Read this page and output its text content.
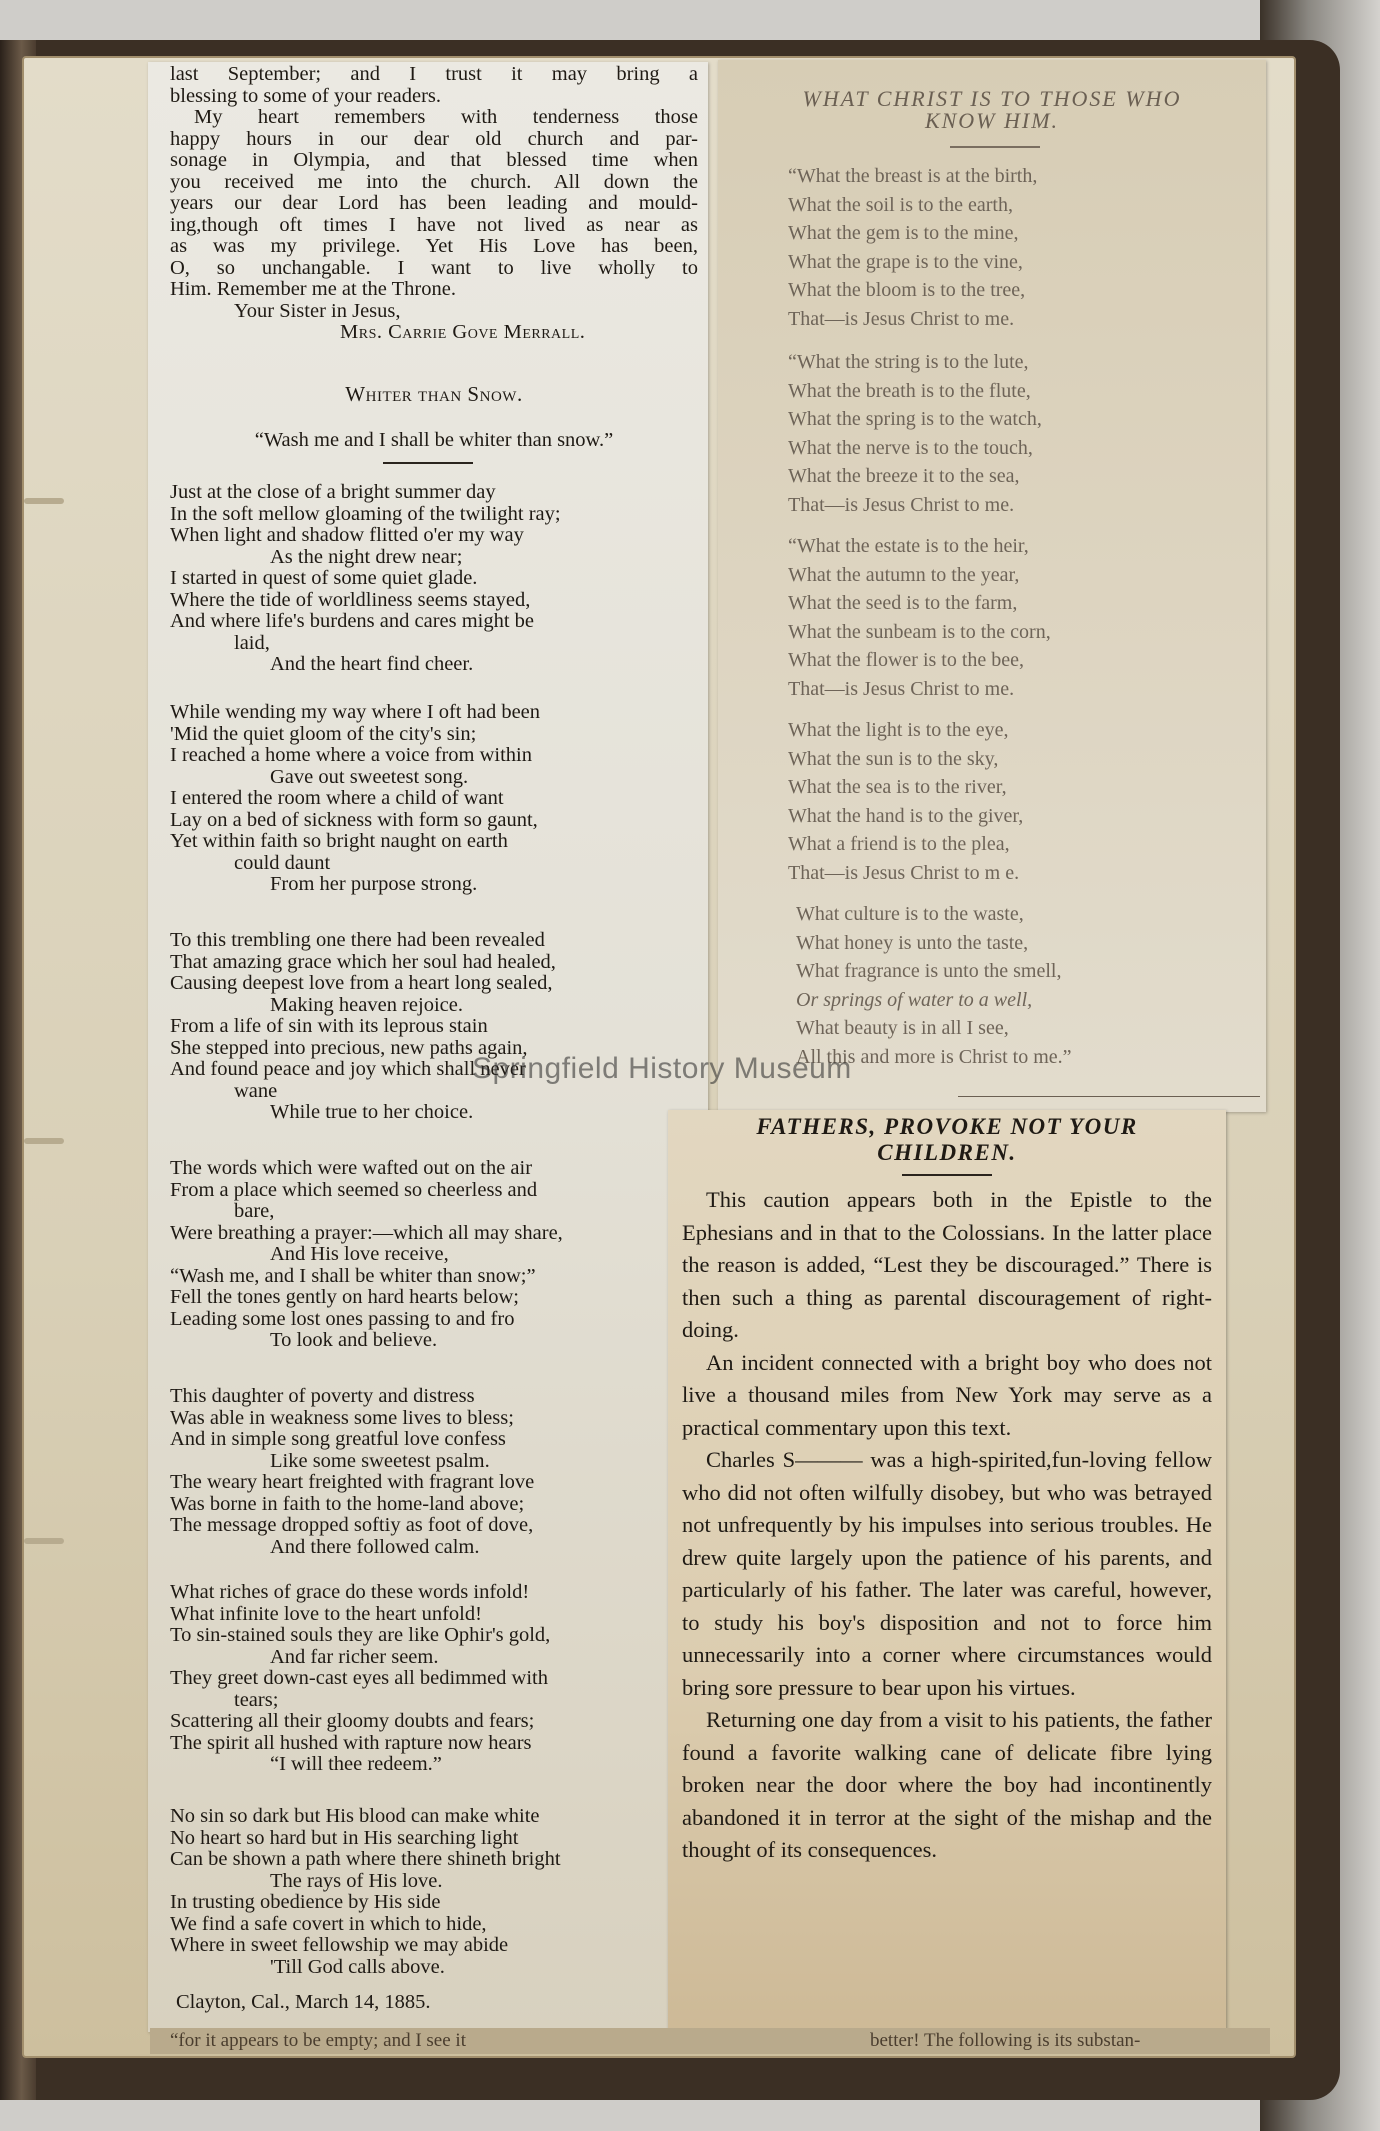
last September; and I trust it may bring a

blessing to some of your readers.

My heart remembers with tenderness those

happy hours in our dear old church and par-

sonage in Olympia, and that blessed time when

you received me into the church. All down the

years our dear Lord has been leading and mould-

ing,though oft times I have not lived as near as

as was my privilege. Yet His Love has been,

O, so unchangable. I want to live wholly to

Him. Remember me at the Throne.

Your Sister in Jesus,

Mrs. Carrie Gove Merrall.

Whiter than Snow.
“Wash me and I shall be whiter than snow.”

Just at the close of a bright summer day

In the soft mellow gloaming of the twilight ray;

When light and shadow flitted o'er my way

As the night drew near;

I started in quest of some quiet glade.

Where the tide of worldliness seems stayed,

And where life's burdens and cares might be

laid,

And the heart find cheer.

While wending my way where I oft had been

'Mid the quiet gloom of the city's sin;

I reached a home where a voice from within

Gave out sweetest song.

I entered the room where a child of want

Lay on a bed of sickness with form so gaunt,

Yet within faith so bright naught on earth

could daunt

From her purpose strong.

To this trembling one there had been revealed

That amazing grace which her soul had healed,

Causing deepest love from a heart long sealed,

Making heaven rejoice.

From a life of sin with its leprous stain

She stepped into precious, new paths again,

And found peace and joy which shall never

wane

While true to her choice.

The words which were wafted out on the air

From a place which seemed so cheerless and

bare,

Were breathing a prayer:—which all may share,

And His love receive,

“Wash me, and I shall be whiter than snow;”

Fell the tones gently on hard hearts below;

Leading some lost ones passing to and fro

To look and believe.

This daughter of poverty and distress

Was able in weakness some lives to bless;

And in simple song greatful love confess

Like some sweetest psalm.

The weary heart freighted with fragrant love

Was borne in faith to the home-land above;

The message dropped softiy as foot of dove,

And there followed calm.

What riches of grace do these words infold!

What infinite love to the heart unfold!

To sin-stained souls they are like Ophir's gold,

And far richer seem.

They greet down-cast eyes all bedimmed with

tears;

Scattering all their gloomy doubts and fears;

The spirit all hushed with rapture now hears

“I will thee redeem.”

No sin so dark but His blood can make white

No heart so hard but in His searching light

Can be shown a path where there shineth bright

The rays of His love.

In trusting obedience by His side

We find a safe covert in which to hide,

Where in sweet fellowship we may abide

'Till God calls above.

Clayton, Cal., March 14, 1885.
WHAT CHRIST IS TO THOSE WHO
KNOW HIM.

“What the breast is at the birth,

What the soil is to the earth,

What the gem is to the mine,

What the grape is to the vine,

What the bloom is to the tree,

That—is Jesus Christ to me.

“What the string is to the lute,

What the breath is to the flute,

What the spring is to the watch,

What the nerve is to the touch,

What the breeze it to the sea,

That—is Jesus Christ to me.

“What the estate is to the heir,

What the autumn to the year,

What the seed is to the farm,

What the sunbeam is to the corn,

What the flower is to the bee,

That—is Jesus Christ to me.

What the light is to the eye,

What the sun is to the sky,

What the sea is to the river,

What the hand is to the giver,

What a friend is to the plea,

That—is Jesus Christ to m e.

What culture is to the waste,

What honey is unto the taste,

What fragrance is unto the smell,

Or springs of water to a well,

What beauty is in all I see,

All this and more is Christ to me.”

FATHERS, PROVOKE NOT YOUR
CHILDREN.

This caution appears both in the Epistle to the Ephesians and in that to the Colossians. In the latter place the reason is added, “Lest they be discouraged.” There is then such a thing as parental discouragement of right-doing.

An incident connected with a bright boy who does not live a thousand miles from New York may serve as a practical commentary upon this text.

Charles S——— was a high-spirited,fun-loving fellow who did not often wilfully disobey, but who was betrayed not unfrequently by his impulses into serious troubles. He drew quite largely upon the patience of his parents, and particularly of his father. The later was careful, however, to study his boy's disposition and not to force him unnecessarily into a corner where circumstances would bring sore pressure to bear upon his virtues.

Returning one day from a visit to his patients, the father found a favorite walking cane of delicate fibre lying broken near the door where the boy had incontinently abandoned it in terror at the sight of the mishap and the thought of its consequences.

“for it appears to be empty; and I see it	better! The following is its substan-
Springfield History Museum
